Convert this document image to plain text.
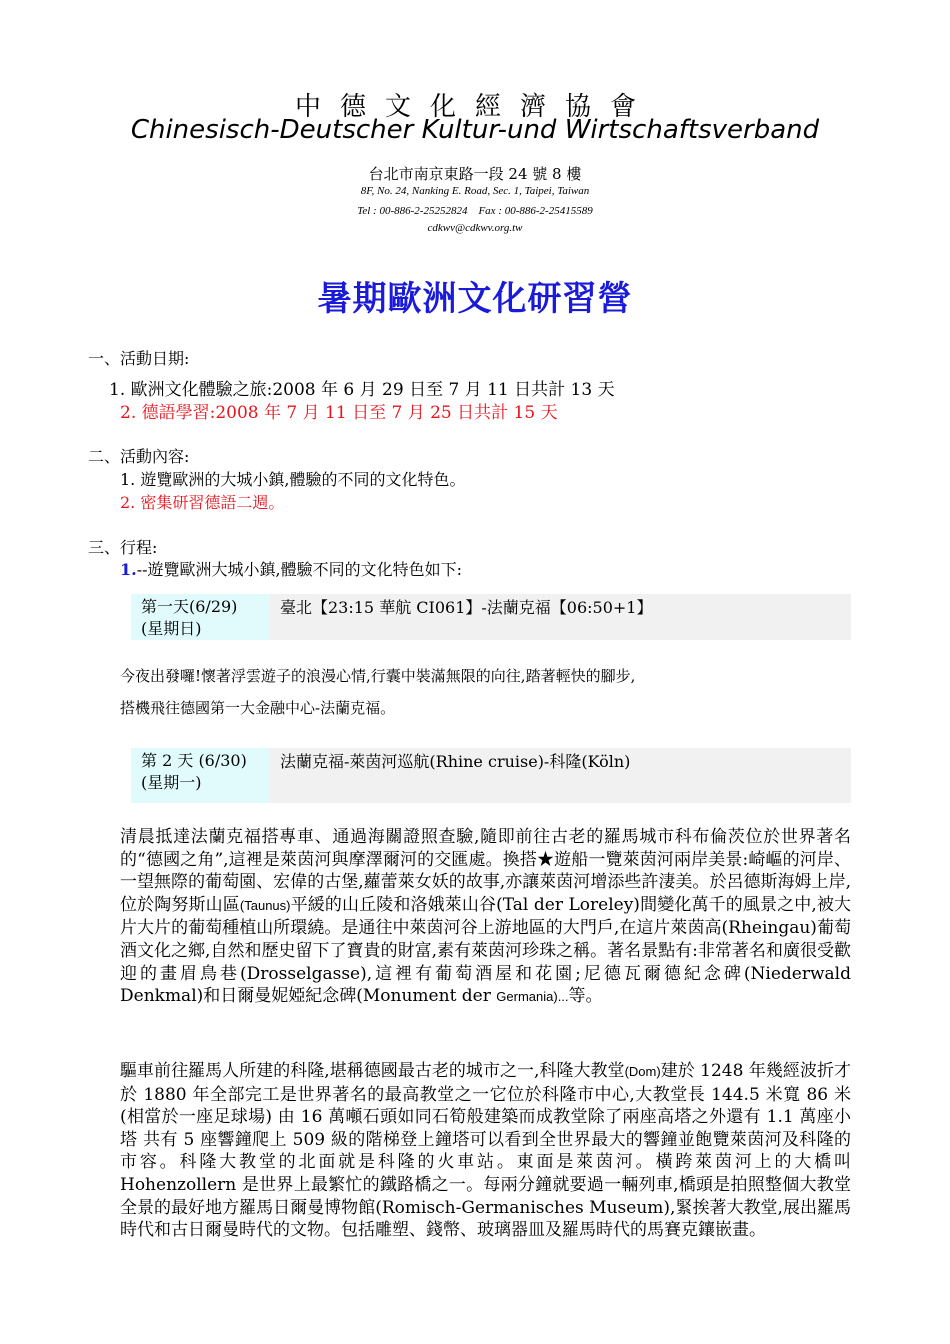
中德文化經濟協會
Chinesisch-Deutscher Kultur-und Wirtschaftsverband
台北市南京東路一段 24 號 8 樓
8F, No. 24, Nanking E. Road, Sec. 1, Taipei, Taiwan
Tel : 00-886-2-25252824    Fax : 00-886-2-25415589
cdkwv@cdkwv.org.tw
暑期歐洲文化研習營
一、活動日期:
1. 歐洲文化體驗之旅:2008 年 6 月 29 日至 7 月 11 日共計 13 天
2. 德語學習:2008 年 7 月 11 日至 7 月 25 日共計 15 天
二、活動內容:
1. 遊覽歐洲的大城小鎮,體驗的不同的文化特色。
2. 密集研習德語二週。
三、行程:
1.--遊覽歐洲大城小鎮,體驗不同的文化特色如下:
第一天(6/29)
(星期日)
臺北【23:15 華航 CI061】-法蘭克福【06:50+1】
今夜出發囉!懷著浮雲遊子的浪漫心情,行囊中裝滿無限的向往,踏著輕快的腳步,
搭機飛往德國第一大金融中心-法蘭克福。
第 2 天 (6/30)
(星期一)
法蘭克福-萊茵河巡航(Rhine cruise)-科隆(Köln)
清晨抵達法蘭克福搭專車、通過海關證照查驗,隨即前往古老的羅馬城市科布倫茨位於世界著名的“德國之角”,這裡是萊茵河與摩澤爾河的交匯處。換搭★遊船一覽萊茵河兩岸美景:崎嶇的河岸、一望無際的葡萄園、宏偉的古堡,蘿蕾萊女妖的故事,亦讓萊茵河增添些許淒美。於呂德斯海姆上岸,位於陶努斯山區(Taunus)平緩的山丘陵和洛娥萊山谷(Tal der Loreley)間變化萬千的風景之中,被大片大片的葡萄種植山所環繞。是通往中萊茵河谷上游地區的大門戶,在這片萊茵高(Rheingau)葡萄酒文化之鄉,自然和歷史留下了寶貴的財富,素有萊茵河珍珠之稱。著名景點有:非常著名和廣很受歡迎的畫眉鳥巷(Drosselgasse),這裡有葡萄酒屋和花園;尼德瓦爾德紀念碑(Niederwald Denkmal)和日爾曼妮婭紀念碑(Monument der Germania)...等。
驅車前往羅馬人所建的科隆,堪稱德國最古老的城市之一,科隆大教堂(Dom)建於 1248 年幾經波折才於 1880 年全部完工是世界著名的最高教堂之一它位於科隆市中心,大教堂長 144.5 米寬 86 米 (相當於一座足球場) 由 16 萬噸石頭如同石筍般建築而成教堂除了兩座高塔之外還有 1.1 萬座小塔 共有 5 座響鐘爬上 509 級的階梯登上鐘塔可以看到全世界最大的響鐘並飽覽萊茵河及科隆的市容。科隆大教堂的北面就是科隆的火車站。東面是萊茵河。橫跨萊茵河上的大橋叫 Hohenzollern 是世界上最繁忙的鐵路橋之一。每兩分鐘就要過一輛列車,橋頭是拍照整個大教堂全景的最好地方羅馬日爾曼博物館(Romisch-Germanisches Museum),緊挨著大教堂,展出羅馬時代和古日爾曼時代的文物。包括雕塑、錢幣、玻璃器皿及羅馬時代的馬賽克鑲嵌畫。
